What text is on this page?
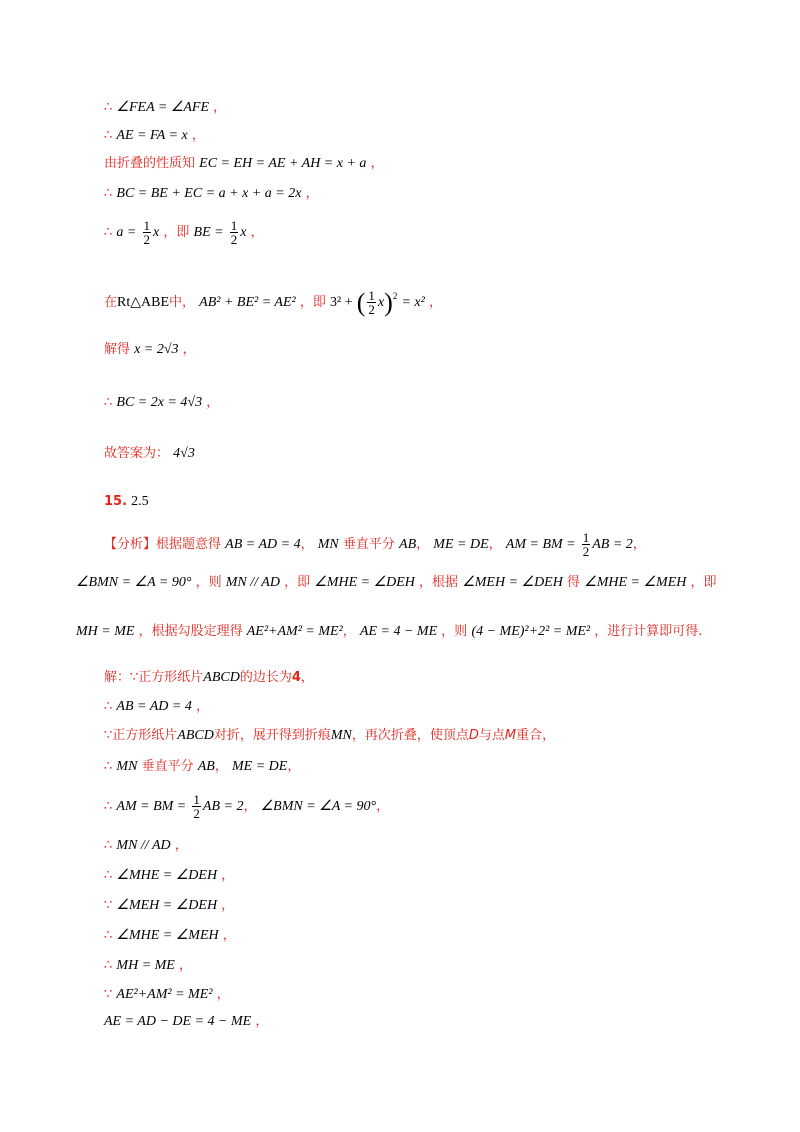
∴ ∠FEA = ∠AFE ，
∴ AE = FA = x ，
由折叠的性质知 EC = EH = AE + AH = x + a ，
∴ BC = BE + EC = a + x + a = 2x ，
∴ $a = \frac{1}{2}$ x ，即 BE = $\frac{1}{2}$ x ，
在Rt△ABE中， AB² + BE² = AE² ，即 3² + ( $\frac{1}{2} x)^2 = x^2$ ，
解得 x = 2√3 ，
∴ BC = 2x = 4√3 ，
故答案为： 4√3
15. 2.5
【分析】根据题意得 AB = AD = 4， MN 垂直平分 AB， ME = DE， AM = BM = $\frac{1}{2}$ AB = 2，
∠BMN = ∠A = 90° ，则 MN // AD ，即 ∠MHE = ∠DEH ，根据 ∠MEH = ∠DEH 得 ∠MHE = ∠MEH ，即
MH = ME ，根据勾股定理得 AE²+AM² = ME²， AE = 4 − ME ，则 (4 − ME)²+2² = ME² ，进行计算即可得.
解：∵正方形纸片ABCD的边长为4，
∴ AB = AD = 4 ，
∵正方形纸片ABCD对折，展开得到折痕MN，再次折叠，使顶点D与点M重合，
∴ MN 垂直平分 AB， ME = DE，
∴ AM = BM = $\frac{1}{2}$ AB = 2， ∠BMN = ∠A = 90°，
∴ MN // AD ，
∴ ∠MHE = ∠DEH ，
∵ ∠MEH = ∠DEH ，
∴ ∠MHE = ∠MEH ，
∴ MH = ME ，
∵ AE²+AM² = ME² ，
AE = AD − DE = 4 − ME ，
